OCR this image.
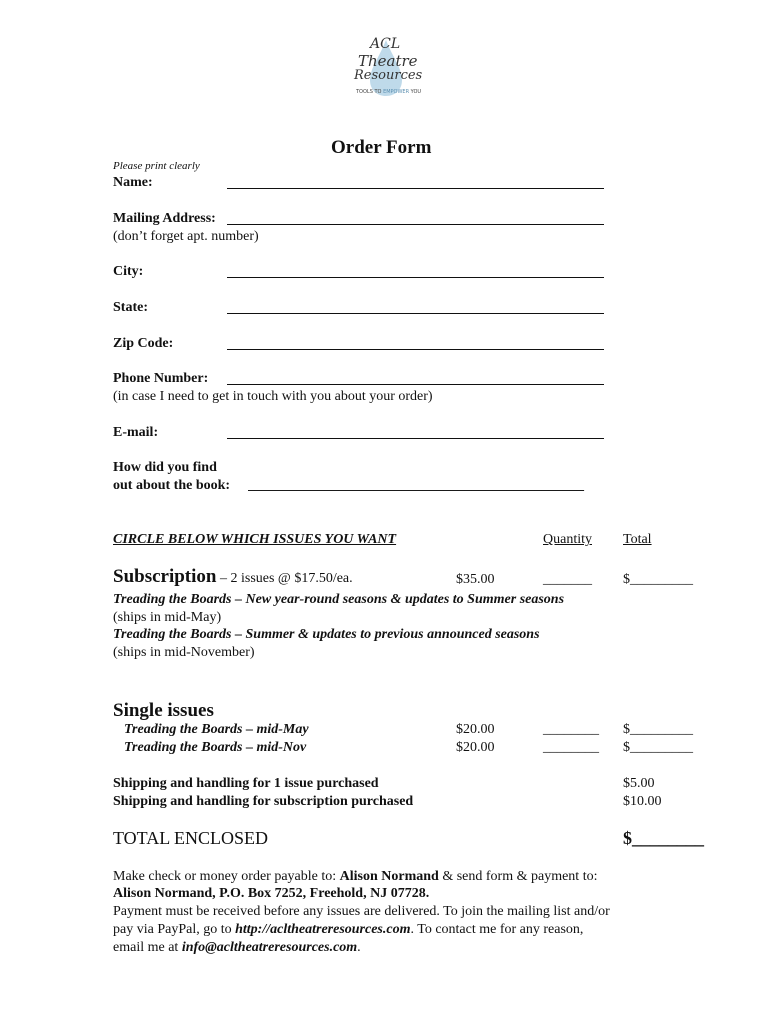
ACL
Theatre
Resources
TOOLS TO EMPOWER YOU
Order Form
Please print clearly
Name:
Mailing Address:
(don’t forget apt. number)
City:
State:
Zip Code:
Phone Number:
(in case I need to get in touch with you about your order)
E-mail:
How did you find
out about the book: ________________________________________________
CIRCLE BELOW WHICH ISSUES YOU WANT	Quantity Total
Subscription – 2 issues @ $17.50/ea.	$35.00	_______ $_________
Treading the Boards – New year-round seasons & updates to Summer seasons
(ships in mid-May)
Treading the Boards – Summer & updates to previous announced seasons
(ships in mid-November)
Single issues
Treading the Boards – mid-May	$20.00	________ $_________
Treading the Boards – mid-Nov	$20.00	________ $_________
Shipping and handling for 1 issue purchased	$5.00
Shipping and handling for subscription purchased	$10.00
TOTAL ENCLOSED	$________
Make check or money order payable to: Alison Normand & send form & payment to:
Alison Normand, P.O. Box 7252, Freehold, NJ 07728.
Payment must be received before any issues are delivered. To join the mailing list and/or
pay via PayPal, go to http://acltheatreresources.com. To contact me for any reason,
email me at info@acltheatreresources.com.
